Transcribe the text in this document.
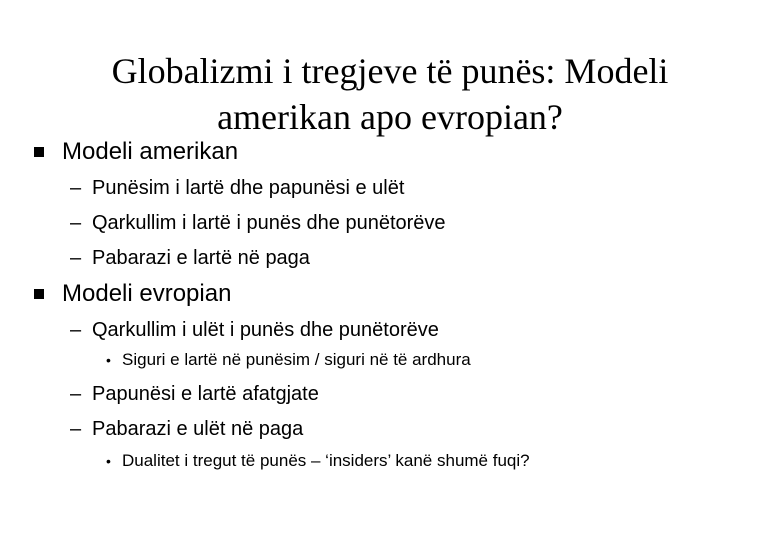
Globalizmi i tregjeve të punës: Modeli
amerikan apo evropian?
Modeli amerikan
– Punësim i lartë dhe papunësi e ulët
– Qarkullim i lartë i punës dhe punëtorëve
– Pabarazi e lartë në paga
Modeli evropian
– Qarkullim i ulët i punës dhe punëtorëve
• Siguri e lartë në punësim / siguri në të ardhura
– Papunësi e lartë afatgjate
– Pabarazi e ulët në paga
• Dualitet i tregut të punës – ‘insiders’ kanë shumë fuqi?
